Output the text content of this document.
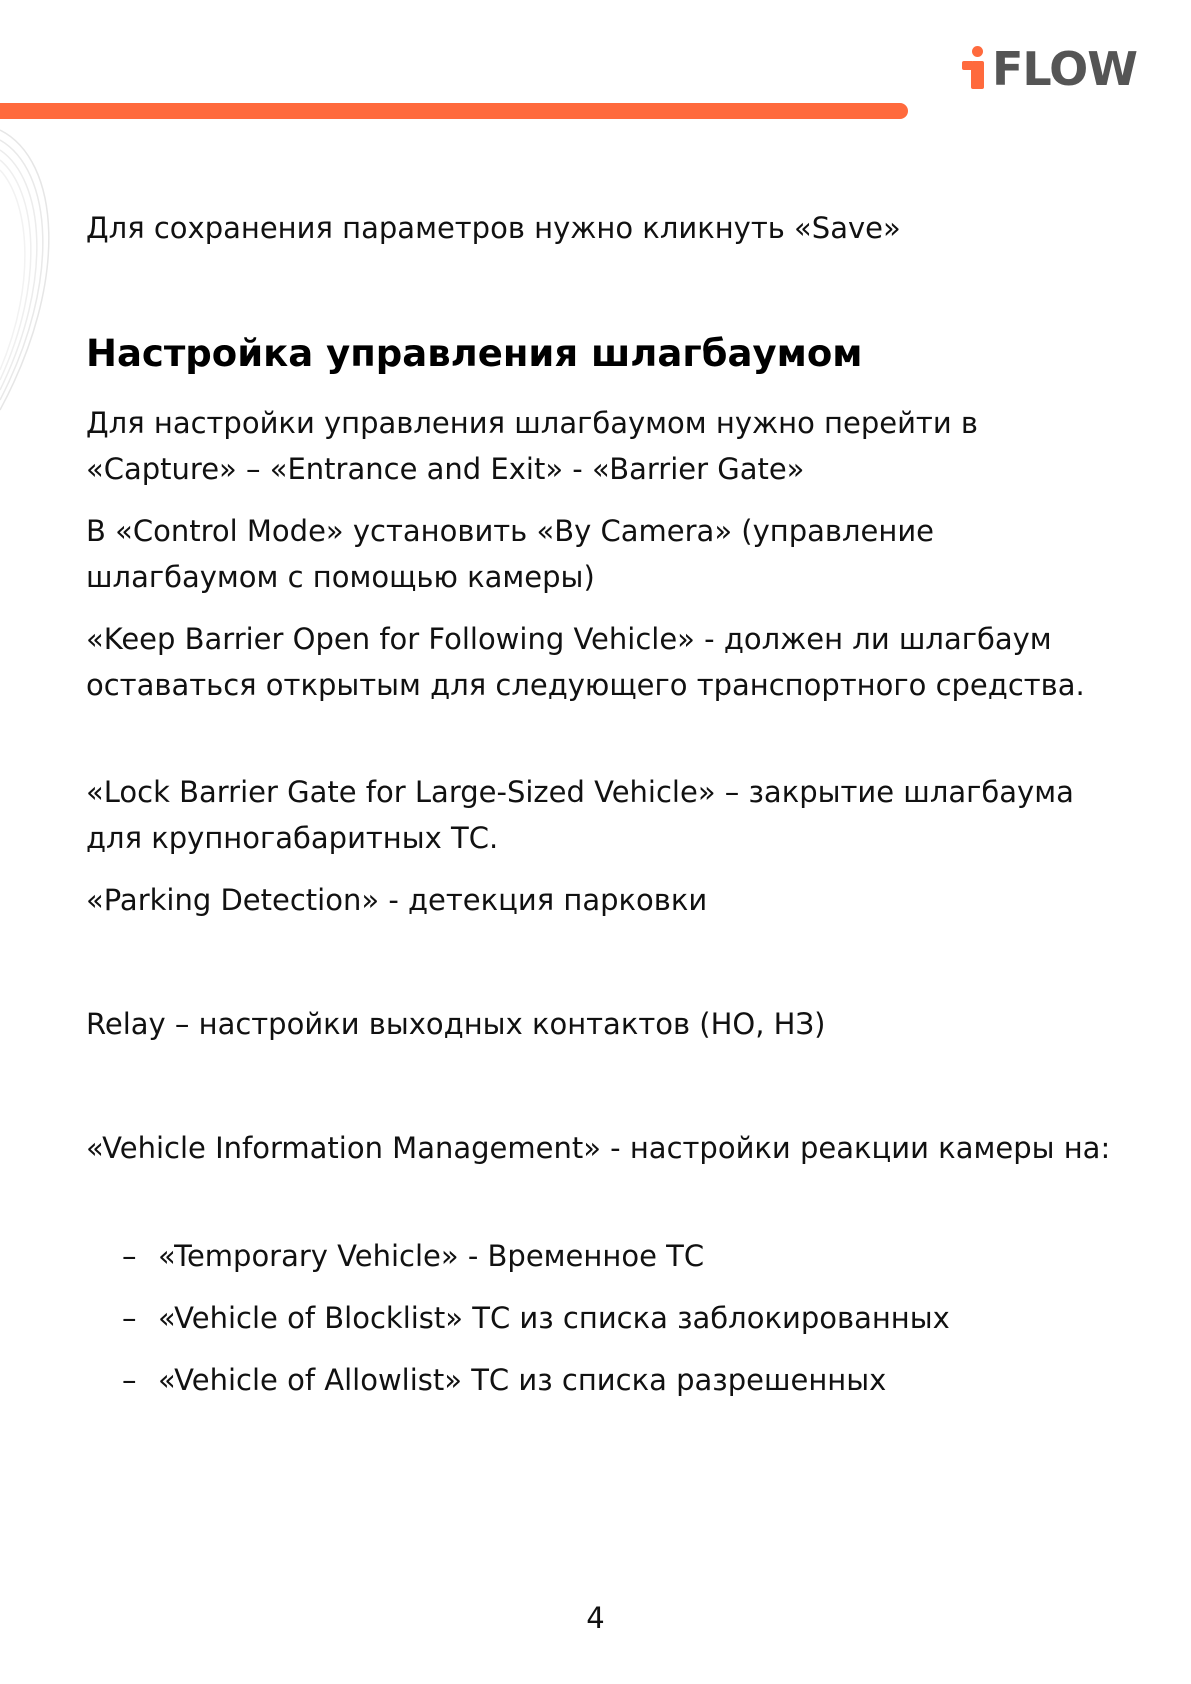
FLOW

Для сохранения параметров нужно кликнуть «Save»

Настройка управления шлагбаумом

Для настройки управления шлагбаумом нужно перейти в «Capture» – «Entrance and Exit» - «Barrier Gate»

В «Control Mode» установить «By Camera» (управление шлагбаумом с помощью камеры)

«Keep Barrier Open for Following Vehicle» - должен ли шлагбаум оставаться открытым для следующего транспортного средства.

«Lock Barrier Gate for Large-Sized Vehicle» – закрытие шлагбаума для крупногабаритных ТС.

«Parking Detection» - детекция парковки

Relay – настройки выходных контактов (НО, НЗ)

«Vehicle Information Management» - настройки реакции камеры на:

– «Temporary Vehicle» - Временное ТС
– «Vehicle of Blocklist» ТС из списка заблокированных
– «Vehicle of Allowlist» ТС из списка разрешенных
4
